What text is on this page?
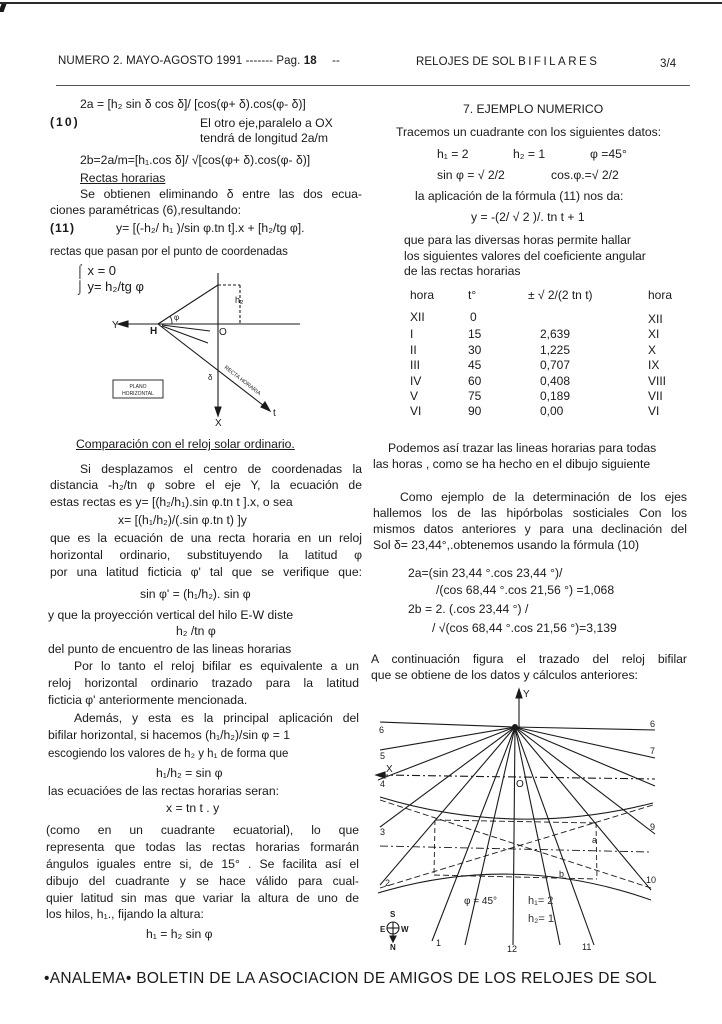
NUMERO 2. MAYO-AGOSTO 1991 ------- Pag. 18 --	RELOJES DE SOL BIFILARES	3/4
2a = [h₂ sin δ cos δ]/ [cos(φ+ δ).cos(φ- δ)]
(10)	El otro eje,paralelo a OX
tendrá de longitud 2a/m
2b=2a/m=[h₁.cos δ]/ √[cos(φ+ δ).cos(φ- δ)]
Rectas horarias
Se obtienen eliminando δ entre las dos ecua-
ciones paramétricas (6),resultando:
(11)	y= [(-h₂/ h₁ )/sin φ.tn t].x + [h₂/tg φ].
rectas que pasan por el punto de coordenadas
⌠ x = 0
⌡ y= h₂/tg φ
Y
H	O
X
t
h₂
φ
δ RECTA HORARIA
PLANO
HORIZONTAL
Comparación con el reloj solar ordinario.
Si desplazamos el centro de coordenadas la
distancia -h₂/tn φ sobre el eje Y, la ecuación de
estas rectas es y= [(h₂/h₁).sin φ.tn t ].x, o sea
x= [(h₁/h₂)/(.sin φ.tn t) ]y
que es la ecuación de una recta horaria en un reloj
horizontal ordinario, substituyendo la latitud φ
por una latitud ficticia φ' tal que se verifique que:
sin φ' = (h₁/h₂). sin φ
y que la proyección vertical del hilo E-W diste
h₂ /tn φ
del punto de encuentro de las lineas horarias
Por lo tanto el reloj bifilar es equivalente a un
reloj horizontal ordinario trazado para la latitud
ficticia φ' anteriormente mencionada.
Además, y esta es la principal aplicación del
bifilar horizontal, si hacemos (h₁/h₂)/sin φ = 1
escogiendo los valores de h₂ y h₁ de forma que
h₁/h₂ = sin φ
las ecuacióes de las rectas horarias seran:
x = tn t . y
(como en un cuadrante ecuatorial), lo que
representa que todas las rectas horarias formarán
ángulos iguales entre si, de 15° . Se facilita así el
dibujo del cuadrante y se hace válido para cual-
quier latitud sin mas que variar la altura de uno de
los hilos, h₁., fijando la altura:
h₁ = h₂ sin φ
7. EJEMPLO NUMERICO
Tracemos un cuadrante con los siguientes datos:
h₁ = 2	h₂ = 1	φ =45°
sin φ = √ 2/2	cos.φ.=√ 2/2
la aplicación de la fórmula (11) nos da:
y = -(2/ √ 2 )/. tn t + 1
que para las diversas horas permite hallar
los siguientes valores del coeficiente angular
de las rectas horarias
hora	t°	± √ 2/(2 tn t)	hora

XII	0		XII
I	15	2,639	XI
II	30	1,225	X
III	45	0,707	IX
IV	60	0,408	VIII
V	75	0,189	VII
VI	90	0,00	VI
Podemos así trazar las lineas horarias para todas
las horas , como se ha hecho en el dibujo siguiente
Como ejemplo de la determinación de los ejes
hallemos los de las hipórbolas sosticiales Con los
mismos datos anteriores y para una declinación del
Sol δ= 23,44°,.obtenemos usando la fórmula (10)
2a=(sin 23,44 °.cos 23,44 °)/
/(cos 68,44 °.cos 21,56 °) =1,068
2b = 2. (.cos 23,44 °) /
/ √(cos 68,44 °.cos 21,56 °)=3,139
A continuación figura el trazado del reloj bifilar
que se obtiene de los datos y cálculos anteriores:
Y
X
O
a
b
φ = 45°	h₁= 2
h₂= 1
S
E W
N
6
5
4
3
2
1
6
7
9
10
11
12
•ANALEMA• BOLETIN DE LA ASOCIACION DE AMIGOS DE LOS RELOJES DE SOL
